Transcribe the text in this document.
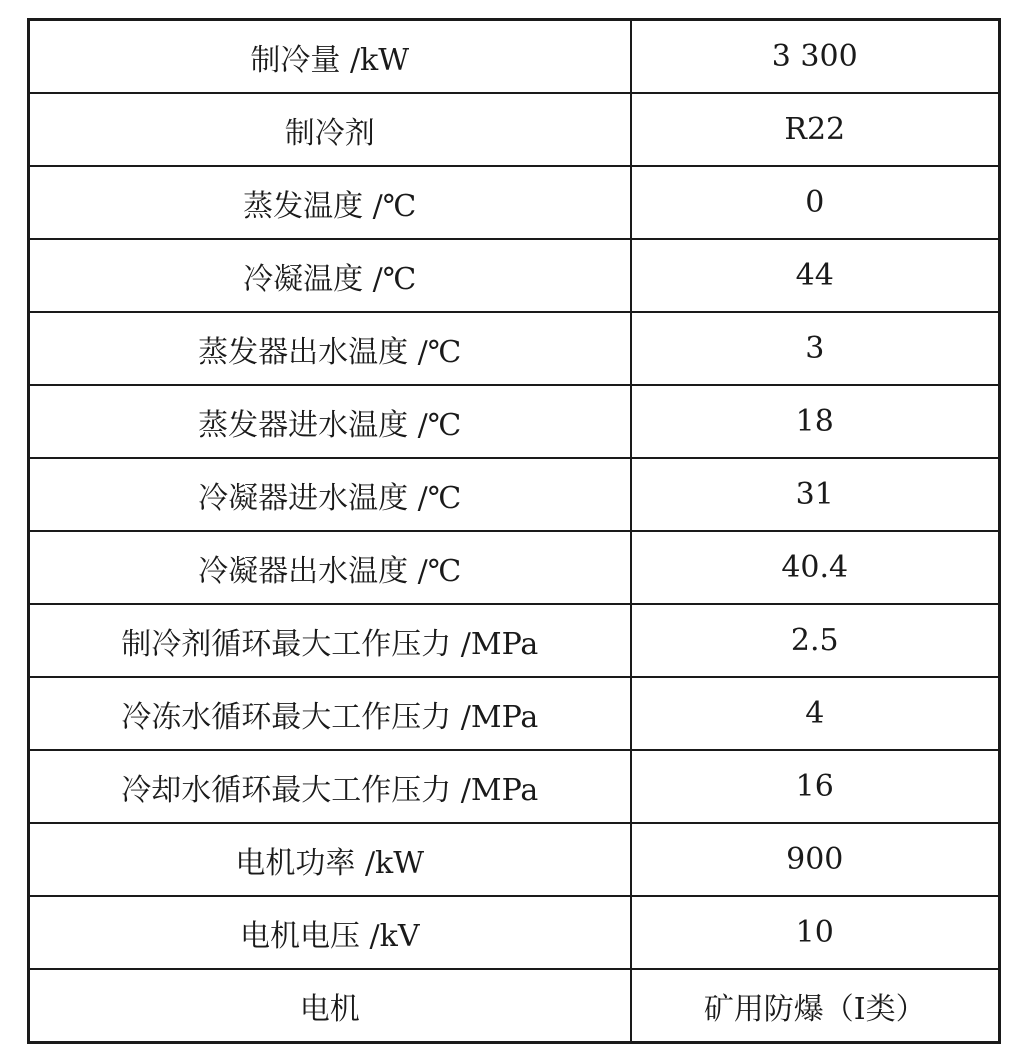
制冷量 /kW	3 300
制冷剂	R22
蒸发温度 /℃	0
冷凝温度 /℃	44
蒸发器出水温度 /℃	3
蒸发器进水温度 /℃	18
冷凝器进水温度 /℃	31
冷凝器出水温度 /℃	40.4
制冷剂循环最大工作压力 /MPa	2.5
冷冻水循环最大工作压力 /MPa	4
冷却水循环最大工作压力 /MPa	16
电机功率 /kW	900
电机电压 /kV	10
电机	矿用防爆（Ⅰ类）
